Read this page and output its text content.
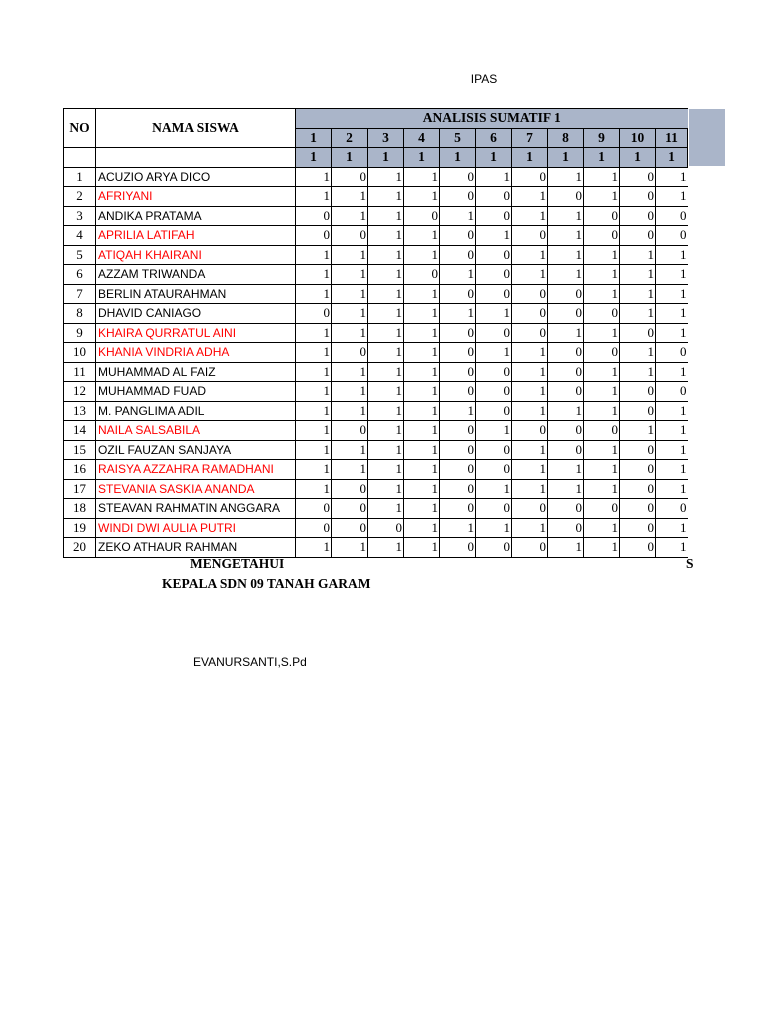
IPAS
NO	NAMA SISWA	ANALISIS SUMATIF 1										
		1	2	3	4	5	6	7	8	9	10	11
		1	1	1	1	1	1	1	1	1	1	1
1	ACUZIO ARYA DICO	1	0	1	1	0	1	0	1	1	0	1
2	AFRIYANI	1	1	1	1	0	0	1	0	1	0	1
3	ANDIKA PRATAMA	0	1	1	0	1	0	1	1	0	0	0
4	APRILIA LATIFAH	0	0	1	1	0	1	0	1	0	0	0
5	ATIQAH KHAIRANI	1	1	1	1	0	0	1	1	1	1	1
6	AZZAM TRIWANDA	1	1	1	0	1	0	1	1	1	1	1
7	BERLIN ATAURAHMAN	1	1	1	1	0	0	0	0	1	1	1
8	DHAVID CANIAGO	0	1	1	1	1	1	0	0	0	1	1
9	KHAIRA QURRATUL AINI	1	1	1	1	0	0	0	1	1	0	1
10	KHANIA VINDRIA ADHA	1	0	1	1	0	1	1	0	0	1	0
11	MUHAMMAD AL FAIZ	1	1	1	1	0	0	1	0	1	1	1
12	MUHAMMAD FUAD	1	1	1	1	0	0	1	0	1	0	0
13	M. PANGLIMA ADIL	1	1	1	1	1	0	1	1	1	0	1
14	NAILA SALSABILA	1	0	1	1	0	1	0	0	0	1	1
15	OZIL FAUZAN SANJAYA	1	1	1	1	0	0	1	0	1	0	1
16	RAISYA AZZAHRA RAMADHANI	1	1	1	1	0	0	1	1	1	0	1
17	STEVANIA SASKIA ANANDA	1	0	1	1	0	1	1	1	1	0	1
18	STEAVAN RAHMATIN ANGGARA	0	0	1	1	0	0	0	0	0	0	0
19	WINDI DWI AULIA PUTRI	0	0	0	1	1	1	1	0	1	0	1
20	ZEKO ATHAUR RAHMAN	1	1	1	1	0	0	0	1	1	0	1
MENGETAHUI	S
KEPALA SDN 09 TANAH GARAM
EVANURSANTI,S.Pd
